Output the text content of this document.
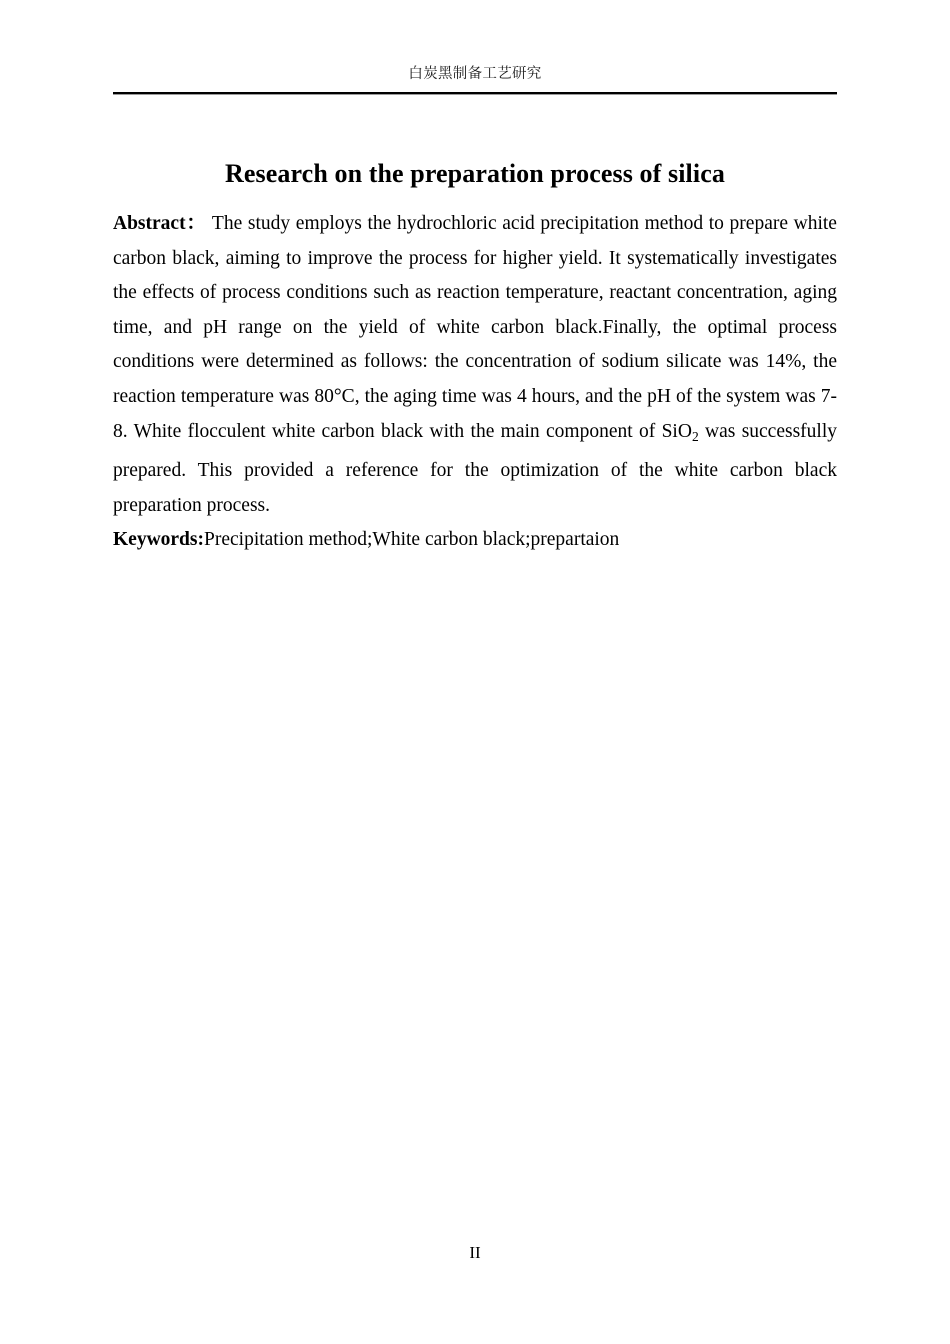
白炭黑制备工艺研究
Research on the preparation process of silica

Abstract： The study employs the hydrochloric acid precipitation method to prepare white carbon black, aiming to improve the process for higher yield. It systematically investigates the effects of process conditions such as reaction temperature, reactant concentration, aging time, and pH range on the yield of white carbon black.Finally, the optimal process conditions were determined as follows: the concentration of sodium silicate was 14%, the reaction temperature was 80°C, the aging time was 4 hours, and the pH of the system was 7-8. White flocculent white carbon black with the main component of SiO$_2$ was successfully prepared. This provided a reference for the optimization of the white carbon black preparation process.

Keywords:Precipitation method;White carbon black;prepartaion

II
